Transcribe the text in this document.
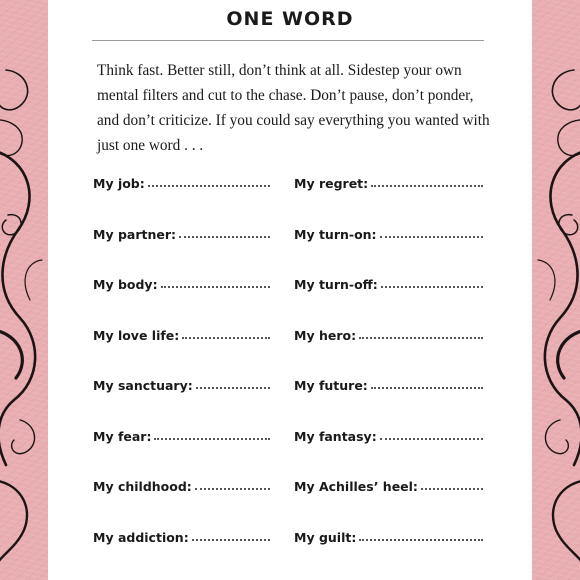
ONE WORD

Think fast. Better still, don’t think at all. Sidestep your own mental filters and cut to the chase. Don’t pause, don’t ponder, and don’t criticize. If you could say everything you wanted with just one word . . .

My job:	My regret:
My partner:	My turn-on:
My body:	My turn-off:
My love life:	My hero:
My sanctuary:	My future:
My fear:	My fantasy:
My childhood:	My Achilles’ heel:
My addiction:	My guilt:
